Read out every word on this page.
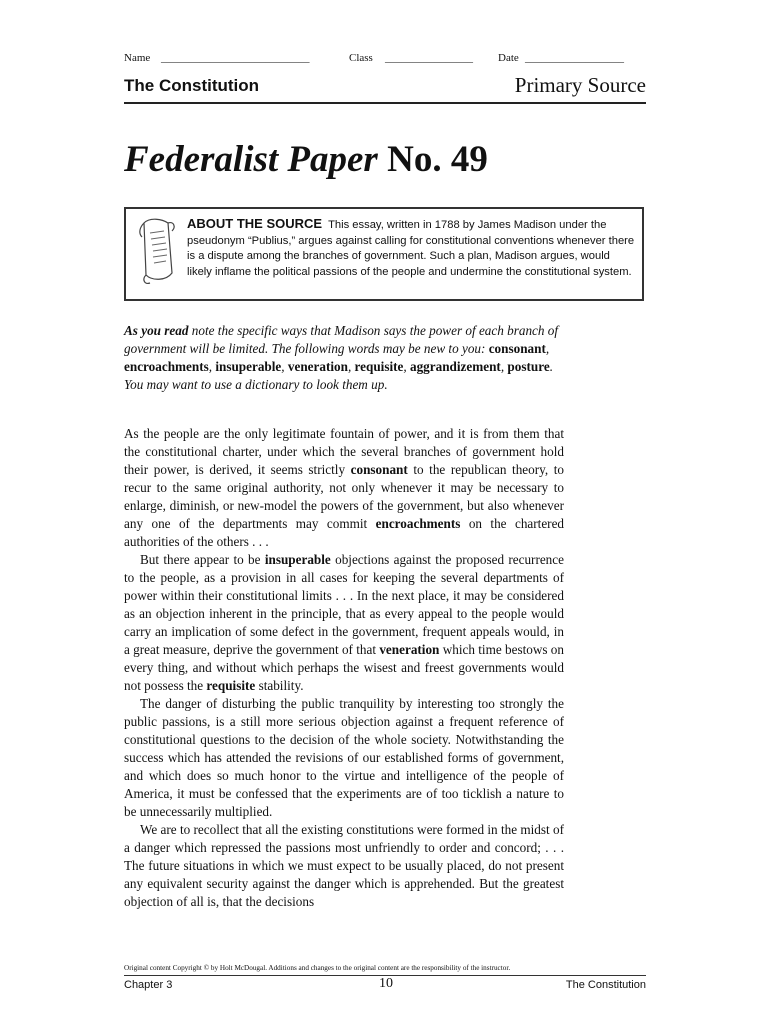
Name ___________________________	Class ________________ Date __________________
The Constitution	Primary Source
Federalist Paper No. 49
ABOUT THE SOURCE This essay, written in 1788 by James Madison under the pseudonym “Publius,” argues against calling for constitutional conventions whenever there is a dispute among the branches of government. Such a plan, Madison argues, would likely inflame the political passions of the people and undermine the constitutional system.
As you read note the specific ways that Madison says the power of each branch of government will be limited. The following words may be new to you: consonant, encroachments, insuperable, veneration, requisite, aggrandizement, posture. You may want to use a dictionary to look them up.

As the people are the only legitimate fountain of power, and it is from them that the constitutional charter, under which the several branches of government hold their power, is derived, it seems strictly consonant to the republican theory, to recur to the same original authority, not only whenever it may be necessary to enlarge, diminish, or new-model the powers of the government, but also whenever any one of the departments may commit encroachments on the chartered authorities of the others . . .

But there appear to be insuperable objections against the proposed recurrence to the people, as a provision in all cases for keeping the several departments of power within their constitutional limits . . . In the next place, it may be considered as an objection inherent in the principle, that as every appeal to the people would carry an implication of some defect in the government, frequent appeals would, in a great measure, deprive the government of that veneration which time bestows on every thing, and without which perhaps the wisest and freest governments would not possess the requisite stability.

The danger of disturbing the public tranquility by interesting too strongly the public passions, is a still more serious objection against a frequent reference of constitutional questions to the decision of the whole society. Notwithstanding the success which has attended the revisions of our established forms of government, and which does so much honor to the virtue and intelligence of the people of America, it must be confessed that the experiments are of too ticklish a nature to be unnecessarily multiplied.

We are to recollect that all the existing constitutions were formed in the midst of a danger which repressed the passions most unfriendly to order and concord; . . . The future situations in which we must expect to be usually placed, do not present any equivalent security against the danger which is apprehended. But the greatest objection of all is, that the decisions

Original content Copyright © by Holt McDougal. Additions and changes to the original content are the responsibility of the instructor.
Chapter 3	10	The Constitution
